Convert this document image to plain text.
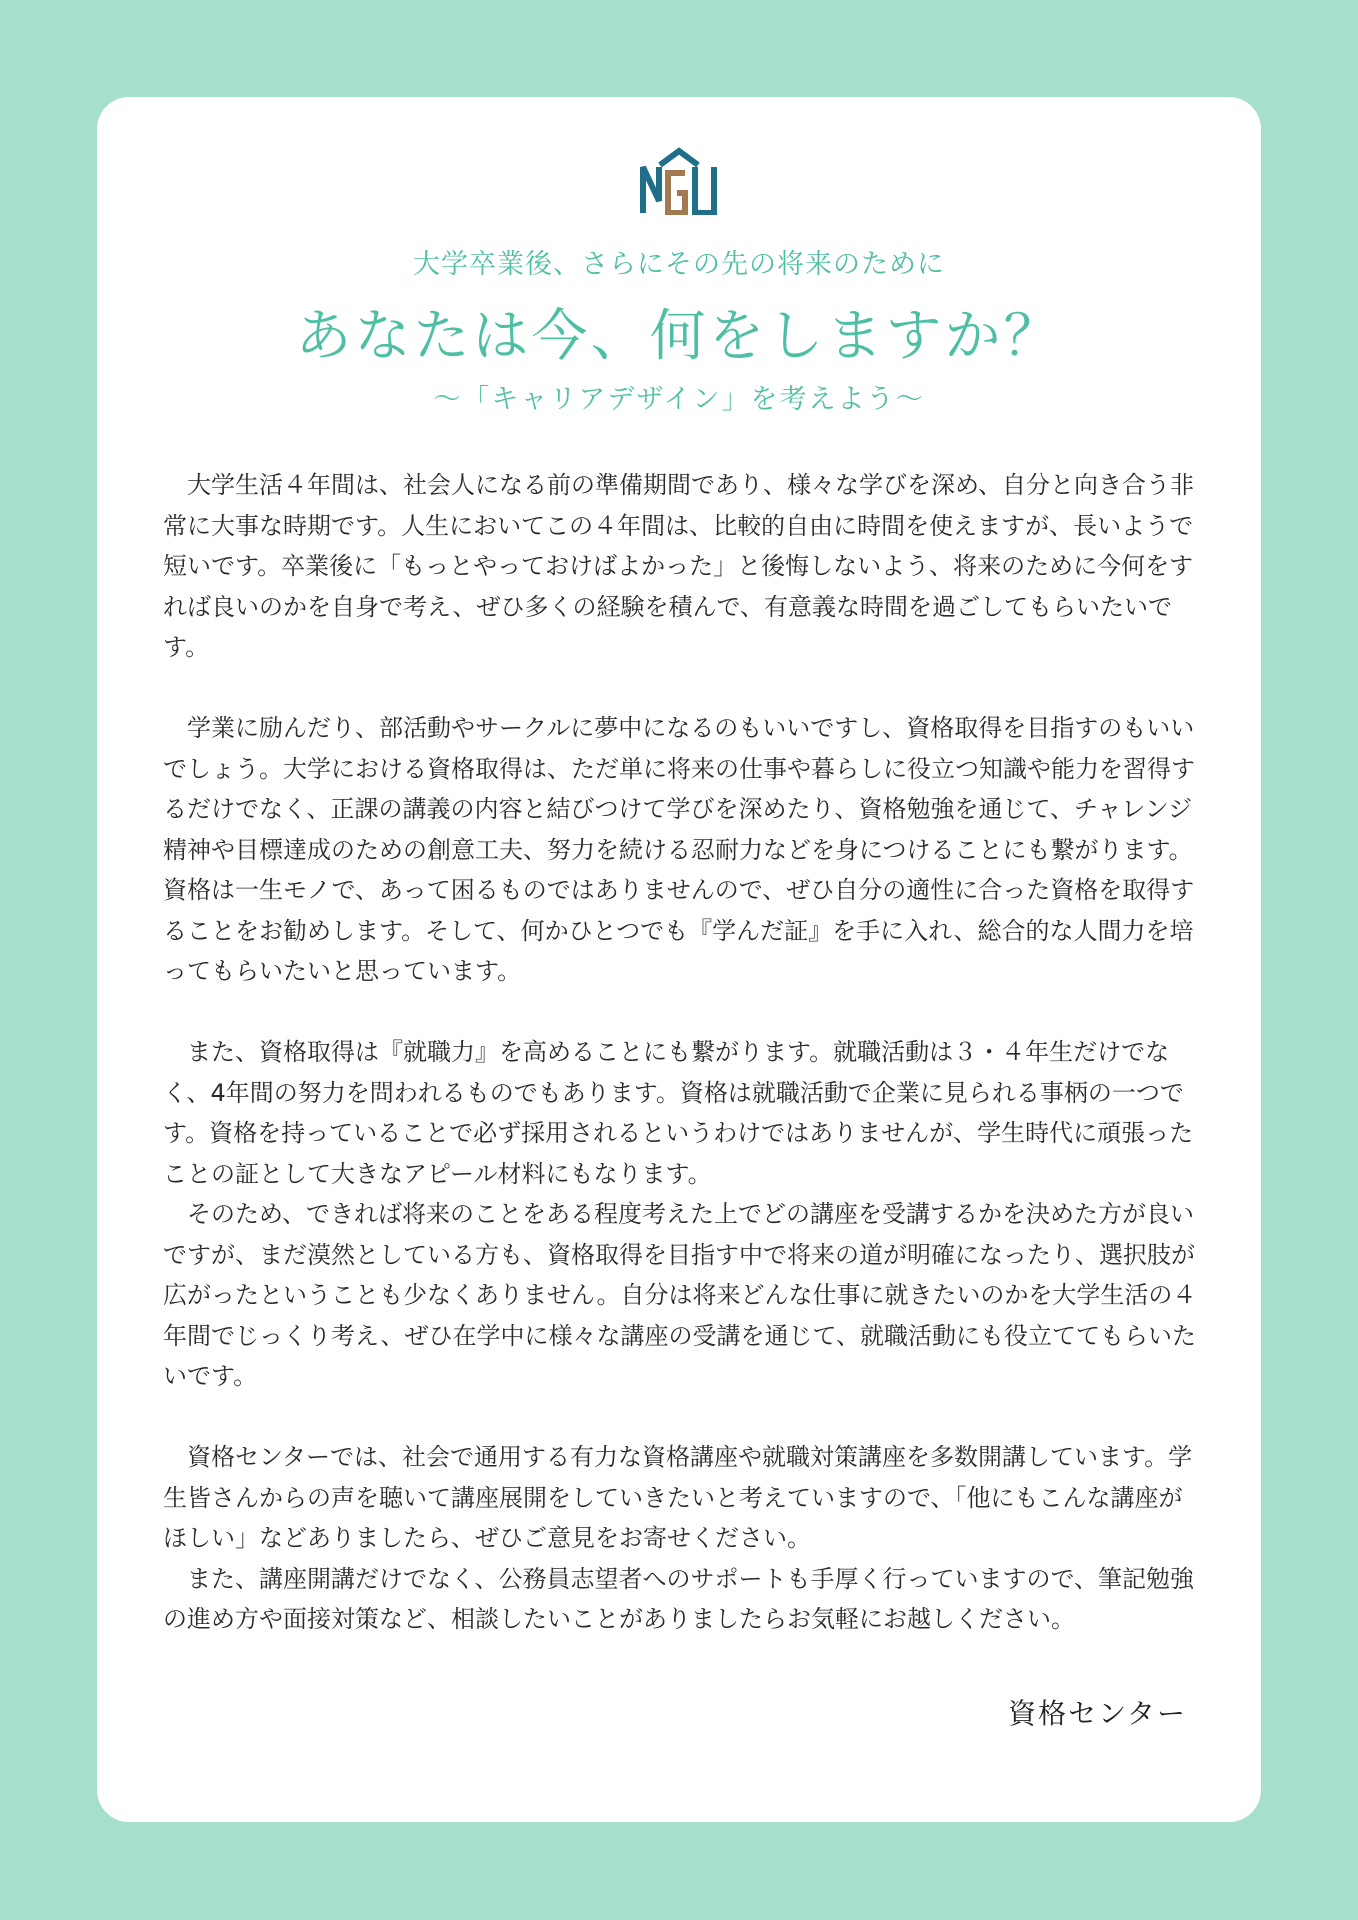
大学卒業後、さらにその先の将来のために
あなたは今、何をしますか？
〜「キャリアデザイン」を考えよう〜

大学生活４年間は、社会人になる前の準備期間であり、様々な学びを深め、自分と向き合う非常に大事な時期です。人生においてこの４年間は、比較的自由に時間を使えますが、長いようで短いです。卒業後に「もっとやっておけばよかった」と後悔しないよう、将来のために今何をすれば良いのかを自身で考え、ぜひ多くの経験を積んで、有意義な時間を過ごしてもらいたいです。

学業に励んだり、部活動やサークルに夢中になるのもいいですし、資格取得を目指すのもいいでしょう。大学における資格取得は、ただ単に将来の仕事や暮らしに役立つ知識や能力を習得するだけでなく、正課の講義の内容と結びつけて学びを深めたり、資格勉強を通じて、チャレンジ精神や目標達成のための創意工夫、努力を続ける忍耐力などを身につけることにも繋がります。資格は一生モノで、あって困るものではありませんので、ぜひ自分の適性に合った資格を取得することをお勧めします。そして、何かひとつでも『学んだ証』を手に入れ、総合的な人間力を培ってもらいたいと思っています。

また、資格取得は『就職力』を高めることにも繋がります。就職活動は３・４年生だけでなく、4年間の努力を問われるものでもあります。資格は就職活動で企業に見られる事柄の一つです。資格を持っていることで必ず採用されるというわけではありませんが、学生時代に頑張ったことの証として大きなアピール材料にもなります。

そのため、できれば将来のことをある程度考えた上でどの講座を受講するかを決めた方が良いですが、まだ漠然としている方も、資格取得を目指す中で将来の道が明確になったり、選択肢が広がったということも少なくありません。自分は将来どんな仕事に就きたいのかを大学生活の４年間でじっくり考え、ぜひ在学中に様々な講座の受講を通じて、就職活動にも役立ててもらいたいです。

資格センターでは、社会で通用する有力な資格講座や就職対策講座を多数開講しています。学生皆さんからの声を聴いて講座展開をしていきたいと考えていますので、「他にもこんな講座がほしい」などありましたら、ぜひご意見をお寄せください。

また、講座開講だけでなく、公務員志望者へのサポートも手厚く行っていますので、筆記勉強の進め方や面接対策など、相談したいことがありましたらお気軽にお越しください。

資格センター
